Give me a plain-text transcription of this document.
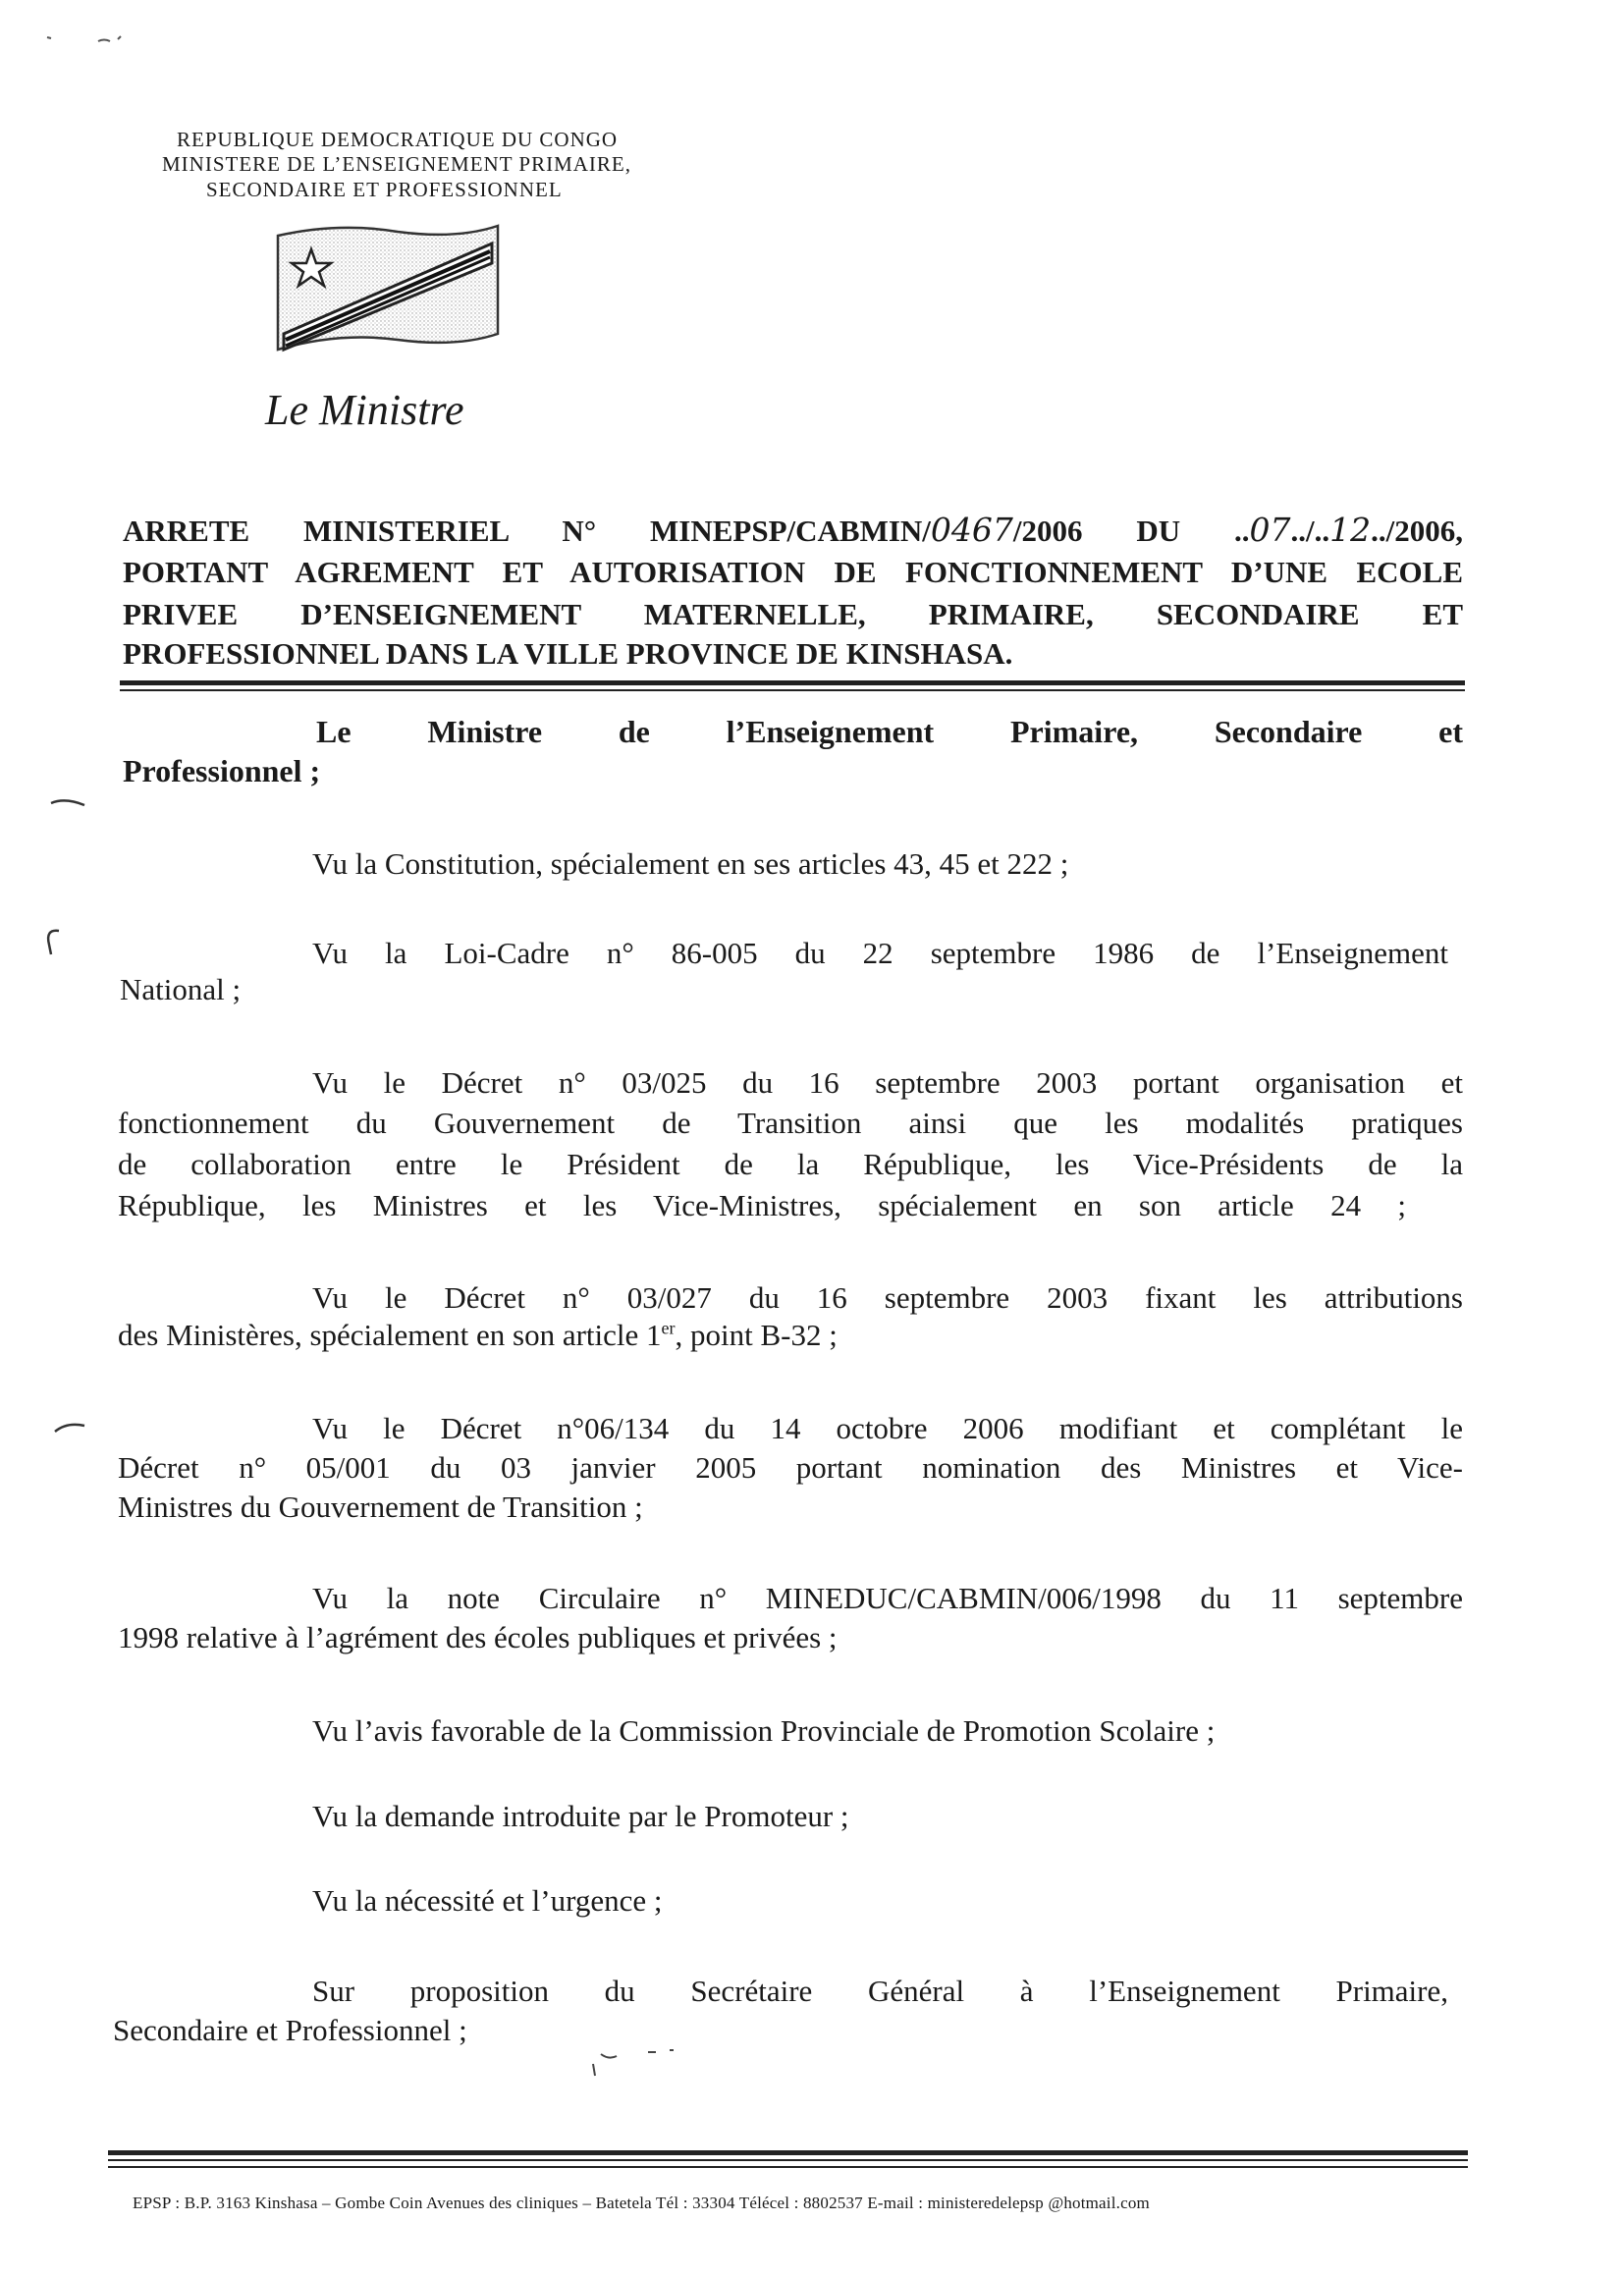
REPUBLIQUE DEMOCRATIQUE DU CONGO
MINISTERE DE L’ENSEIGNEMENT PRIMAIRE,
SECONDAIRE ET PROFESSIONNEL
Le Ministre
ARRETE MINISTERIEL N° MINEPSP/CABMIN/0467/2006 DU ..07../..12../2006,
PORTANT AGREMENT ET AUTORISATION DE FONCTIONNEMENT D’UNE ECOLE
PRIVEE D’ENSEIGNEMENT MATERNELLE, PRIMAIRE, SECONDAIRE ET
PROFESSIONNEL DANS LA VILLE PROVINCE DE KINSHASA.
Le Ministre de l’Enseignement Primaire, Secondaire et
Professionnel ;
Vu la Constitution, spécialement en ses articles 43, 45 et 222 ;
Vu la Loi-Cadre n° 86-005 du 22 septembre 1986 de l’Enseignement
National ;
Vu le Décret n° 03/025 du 16 septembre 2003 portant organisation et
fonctionnement du Gouvernement de Transition ainsi que les modalités pratiques
de collaboration entre le Président de la République, les Vice-Présidents de la
République, les Ministres et les Vice-Ministres, spécialement en son article 24 ;
Vu le Décret n° 03/027 du 16 septembre 2003 fixant les attributions
des Ministères, spécialement en son article 1er, point B-32 ;
Vu le Décret n°06/134 du 14 octobre 2006 modifiant et complétant le
Décret n° 05/001 du 03 janvier 2005 portant nomination des Ministres et Vice-
Ministres du Gouvernement de Transition ;
Vu la note Circulaire n° MINEDUC/CABMIN/006/1998 du 11 septembre
1998 relative à l’agrément des écoles publiques et privées ;
Vu l’avis favorable de la Commission Provinciale de Promotion Scolaire ;
Vu la demande introduite par le Promoteur ;
Vu la nécessité et l’urgence ;
Sur proposition du Secrétaire Général à l’Enseignement Primaire,
Secondaire et Professionnel ;
EPSP : B.P. 3163 Kinshasa – Gombe Coin Avenues des cliniques – Batetela Tél : 33304 Télécel : 8802537 E-mail : ministeredelepsp @hotmail.com
